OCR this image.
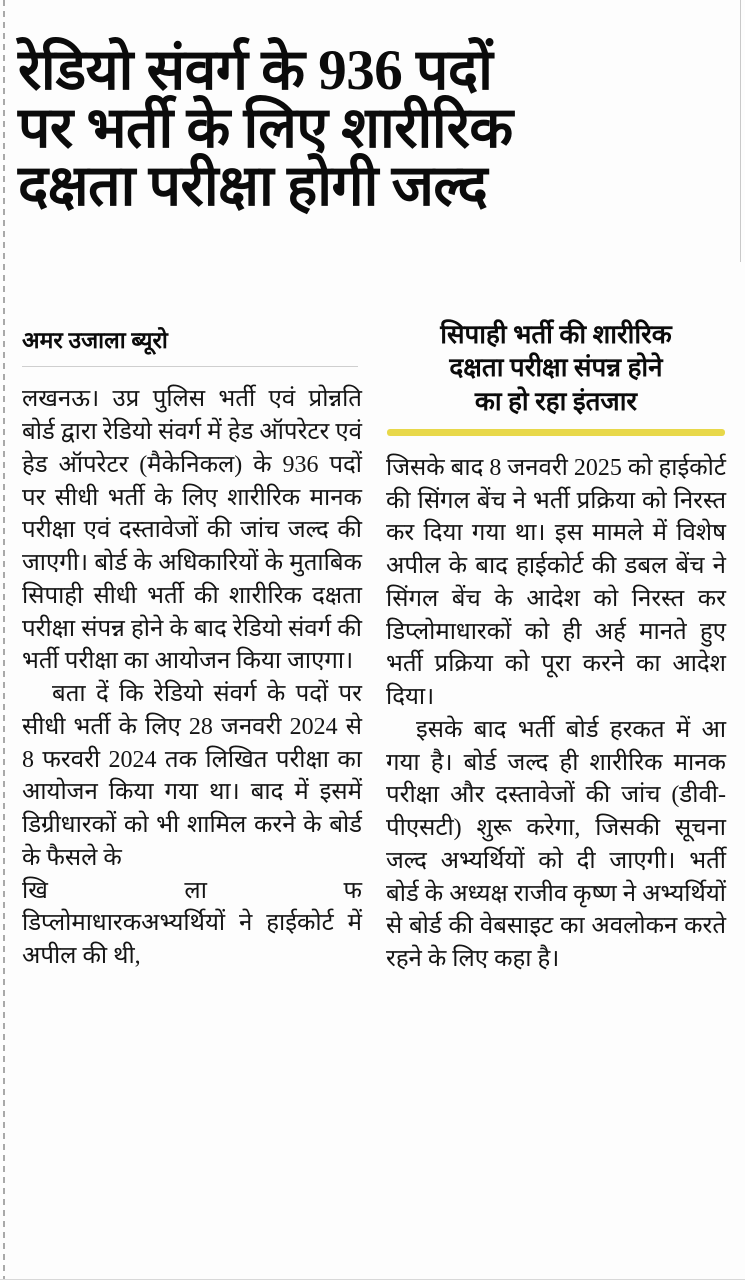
रेडियो संवर्ग के 936 पदों
पर भर्ती के लिए शारीरिक
दक्षता परीक्षा होगी जल्द
अमर उजाला ब्यूरो

लखनऊ। उप्र पुलिस भर्ती एवं प्रोन्नति बोर्ड द्वारा रेडियो संवर्ग में हेड ऑपरेटर एवं हेड ऑपरेटर (मैकेनिकल) के 936 पदों पर सीधी भर्ती के लिए शारीरिक मानक परीक्षा एवं दस्तावेजों की जांच जल्द की जाएगी। बोर्ड के अधिकारियों के मुताबिक सिपाही सीधी भर्ती की शारीरिक दक्षता परीक्षा संपन्न होने के बाद रेडियो संवर्ग की भर्ती परीक्षा का आयोजन किया जाएगा।

बता दें कि रेडियो संवर्ग के पदों पर सीधी भर्ती के लिए 28 जनवरी 2024 से 8 फरवरी 2024 तक लिखित परीक्षा का आयोजन किया गया था। बाद में इसमें डिग्रीधारकों को भी शामिल करने के बोर्ड के फैसले के

खि	ला	फ

डिप्लोमाधारकअभ्यर्थियों ने हाईकोर्ट में अपील की थी,

सिपाही भर्ती की शारीरिक
दक्षता परीक्षा संपन्न होने
का हो रहा इंतजार

जिसके बाद 8 जनवरी 2025 को हाईकोर्ट की सिंगल बेंच ने भर्ती प्रक्रिया को निरस्त कर दिया गया था। इस मामले में विशेष अपील के बाद हाईकोर्ट की डबल बेंच ने सिंगल बेंच के आदेश को निरस्त कर डिप्लोमाधारकों को ही अर्ह मानते हुए भर्ती प्रक्रिया को पूरा करने का आदेश दिया।

इसके बाद भर्ती बोर्ड हरकत में आ गया है। बोर्ड जल्द ही शारीरिक मानक परीक्षा और दस्तावेजों की जांच (डीवी-पीएसटी) शुरू करेगा, जिसकी सूचना जल्द अभ्यर्थियों को दी जाएगी। भर्ती बोर्ड के अध्यक्ष राजीव कृष्ण ने अभ्यर्थियों से बोर्ड की वेबसाइट का अवलोकन करते रहने के लिए कहा है।
